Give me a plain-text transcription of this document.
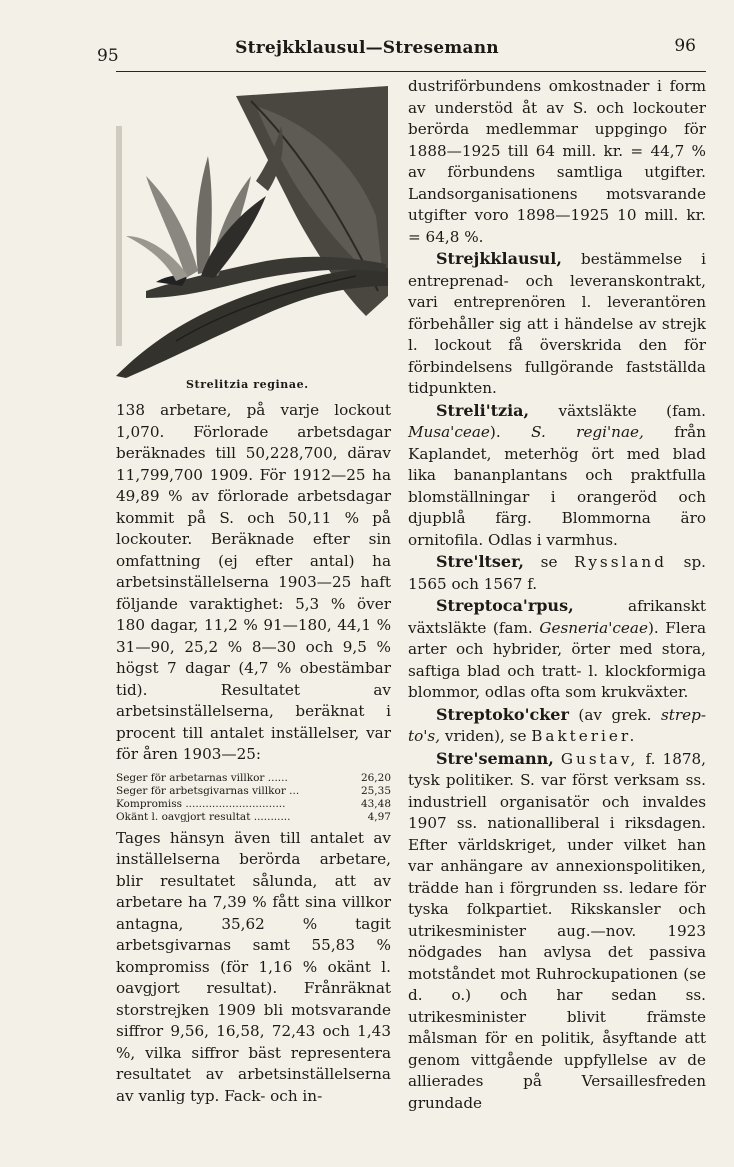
95	Strejkklausul—Stresemann	96
Strelitzia reginae.

138 arbetare, på varje lockout 1,070. Förlorade arbetsdagar beräknades till 50,228,700, därav 11,799,700 1909. För 1912—25 ha 49,89 % av förlorade arbetsdagar kommit på S. och 50,11 % på lockouter. Beräknade efter sin omfattning (ej efter antal) ha arbetsinställelserna 1903—25 haft följande varaktighet: 5,3 % över 180 dagar, 11,2 % 91—180, 44,1 % 31—90, 25,2 % 8—30 och 9,5 % högst 7 dagar (4,7 % obestämbar tid). Resultatet av arbetsinställelserna, beräknat i procent till antalet inställelser, var för åren 1903—25:

Seger för arbetarnas villkor ......	26,20
Seger för arbetsgivarnas villkor ...	25,35
Kompromiss ..............................	43,48
Okänt l. oavgjort resultat ...........	4,97

Tages hänsyn även till antalet av inställelserna berörda arbetare, blir resultatet sålunda, att av arbetare ha 7,39 % fått sina villkor antagna, 35,62 % tagit arbetsgivarnas samt 55,83 % kompromiss (för 1,16 % okänt l. oavgjort resultat). Frånräknat storstrejken 1909 bli motsvarande siffror 9,56, 16,58, 72,43 och 1,43 %, vilka siffror bäst representera resultatet av arbetsinställelserna av vanlig typ. Fack- och in-

dustriförbundens omkostnader i form av understöd åt av S. och lockouter berörda medlemmar uppgingo för 1888—1925 till 64 mill. kr. = 44,7 % av förbundens samtliga utgifter. Landsorganisationens motsvarande utgifter voro 1898—1925 10 mill. kr. = 64,8 %.

Strejkklausul, bestämmelse i entreprenad- och leveranskontrakt, vari entreprenören l. leverantören förbehåller sig att i händelse av strejk l. lockout få överskrida den för förbindelsens fullgörande fastställda tidpunkten.

Streli'tzia, växtsläkte (fam. Musa'ceae). S. regi'nae, från Kaplandet, meterhög ört med blad lika bananplantans och praktfulla blomställningar i orangeröd och djupblå färg. Blommorna äro ornitofila. Odlas i varmhus.

Stre'ltser, se Ryssland sp. 1565 och 1567 f.

Streptoca'rpus, afrikanskt växtsläkte (fam. Gesneria'ceae). Flera arter och hybrider, örter med stora, saftiga blad och tratt- l. klockformiga blommor, odlas ofta som krukväxter.

Streptoko'cker (av grek. strep-to's, vriden), se Bakterier.

Stre'semann, Gustav, f. 1878, tysk politiker. S. var först verksam ss. industriell organisatör och invaldes 1907 ss. nationalliberal i riksdagen. Efter världskriget, under vilket han var anhängare av annexionspolitiken, trädde han i förgrunden ss. ledare för tyska folkpartiet. Rikskansler och utrikesminister aug.—nov. 1923 nödgades han avlysa det passiva motståndet mot Ruhrockupationen (se d. o.) och har sedan ss. utrikesminister blivit främste målsman för en politik, åsyftande att genom vittgående uppfyllelse av de allierades på Versaillesfreden grundade
